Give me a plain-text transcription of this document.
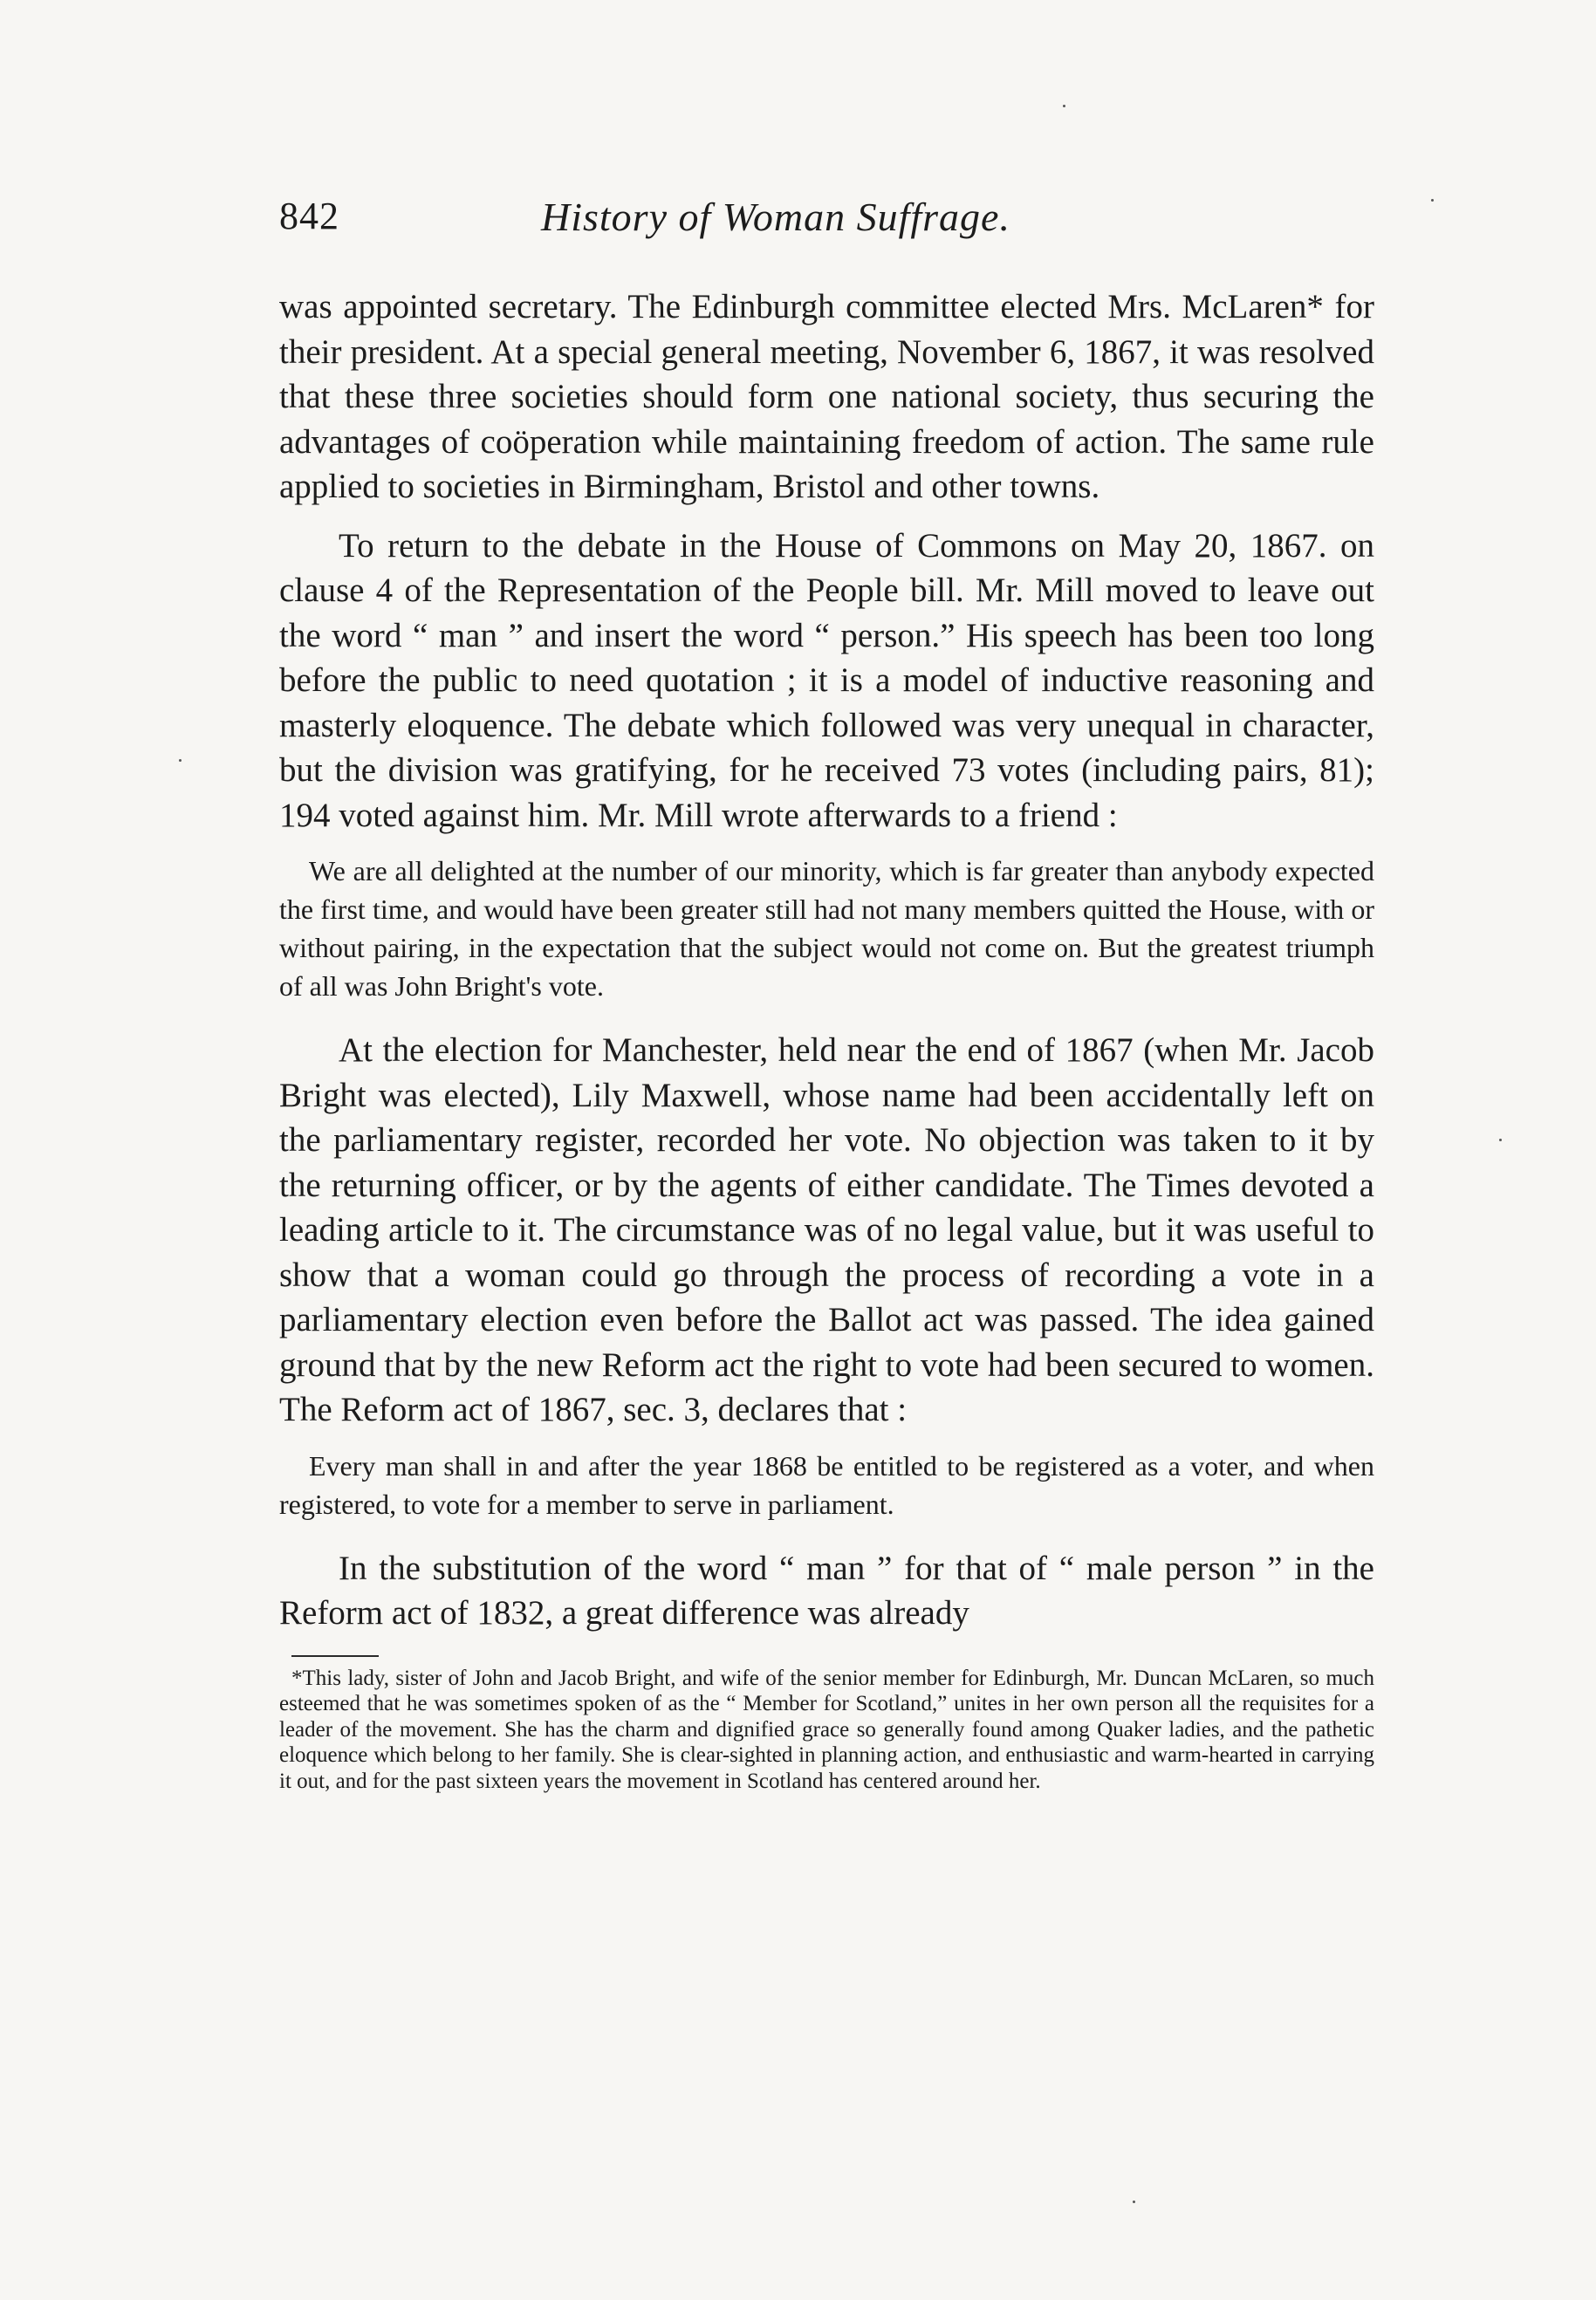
842	History of Woman Suffrage.

was appointed secretary. The Edinburgh committee elected Mrs. McLaren* for their president. At a special general meeting, November 6, 1867, it was resolved that these three societies should form one national society, thus securing the advantages of coöperation while maintaining freedom of action. The same rule applied to societies in Birmingham, Bristol and other towns.

To return to the debate in the House of Commons on May 20, 1867. on clause 4 of the Representation of the People bill. Mr. Mill moved to leave out the word “ man ” and insert the word “ person.” His speech has been too long before the public to need quotation ; it is a model of inductive reasoning and masterly eloquence. The debate which followed was very unequal in character, but the division was gratifying, for he received 73 votes (including pairs, 81); 194 voted against him. Mr. Mill wrote afterwards to a friend :

We are all delighted at the number of our minority, which is far greater than anybody expected the first time, and would have been greater still had not many members quitted the House, with or without pairing, in the expectation that the subject would not come on. But the greatest triumph of all was John Bright's vote.

At the election for Manchester, held near the end of 1867 (when Mr. Jacob Bright was elected), Lily Maxwell, whose name had been accidentally left on the parliamentary register, recorded her vote. No objection was taken to it by the returning officer, or by the agents of either candidate. The Times devoted a leading article to it. The circumstance was of no legal value, but it was useful to show that a woman could go through the process of recording a vote in a parliamentary election even before the Ballot act was passed. The idea gained ground that by the new Reform act the right to vote had been secured to women. The Reform act of 1867, sec. 3, declares that :

Every man shall in and after the year 1868 be entitled to be registered as a voter, and when registered, to vote for a member to serve in parliament.

In the substitution of the word “ man ” for that of “ male person ” in the Reform act of 1832, a great difference was already

*This lady, sister of John and Jacob Bright, and wife of the senior member for Edinburgh, Mr. Duncan McLaren, so much esteemed that he was sometimes spoken of as the “ Member for Scotland,” unites in her own person all the requisites for a leader of the movement. She has the charm and dignified grace so generally found among Quaker ladies, and the pathetic eloquence which belong to her family. She is clear-sighted in planning action, and enthusiastic and warm-hearted in carrying it out, and for the past sixteen years the movement in Scotland has centered around her.
